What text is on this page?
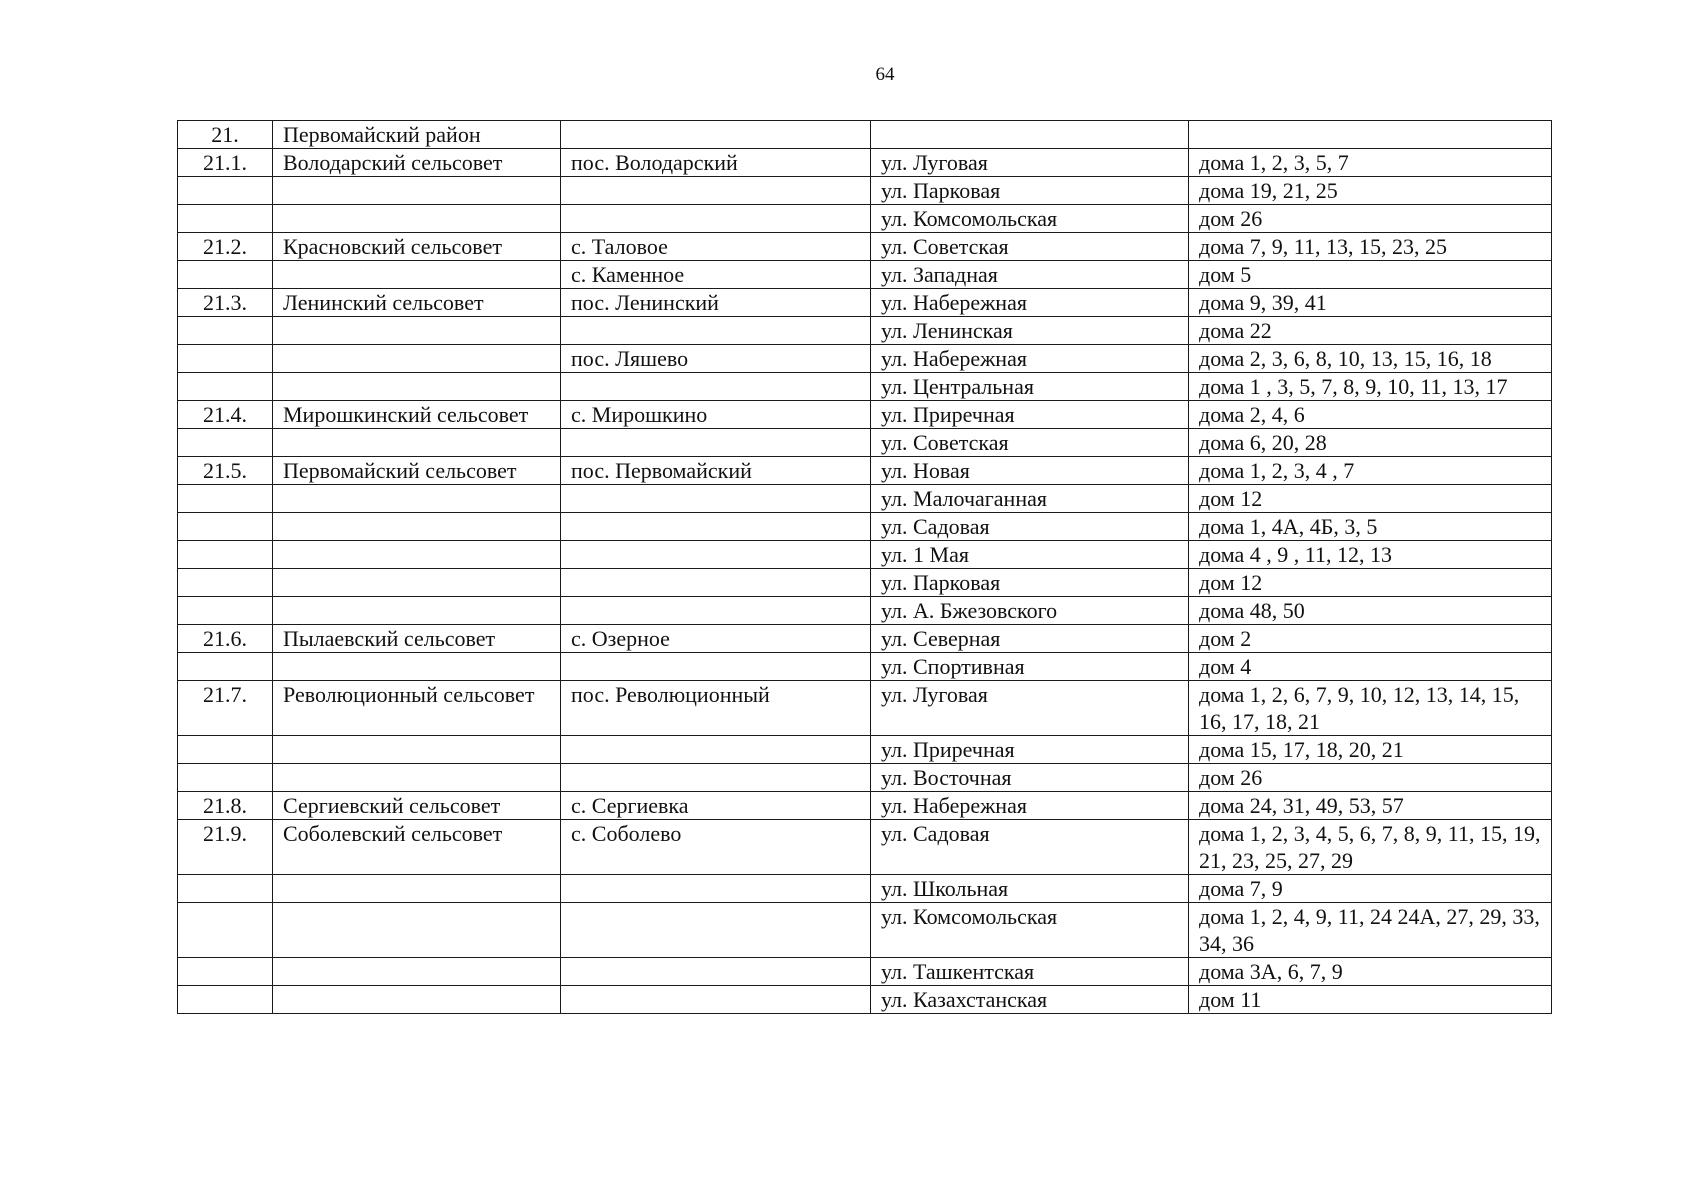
64
21.	Первомайский район			
21.1.	Володарский сельсовет	пос. Володарский	ул. Луговая	дома 1, 2, 3, 5, 7
			ул. Парковая	дома 19, 21, 25
			ул. Комсомольская	дом 26
21.2.	Красновский сельсовет	с. Таловое	ул. Советская	дома 7, 9, 11, 13, 15, 23, 25
		с. Каменное	ул. Западная	дом 5
21.3.	Ленинский сельсовет	пос. Ленинский	ул. Набережная	дома 9, 39, 41
			ул. Ленинская	дома 22
		пос. Ляшево	ул. Набережная	дома 2, 3, 6, 8, 10, 13, 15, 16, 18
			ул. Центральная	дома 1 , 3, 5, 7, 8, 9, 10, 11, 13, 17
21.4.	Мирошкинский сельсовет	с. Мирошкино	ул. Приречная	дома 2, 4, 6
			ул. Советская	дома 6, 20, 28
21.5.	Первомайский сельсовет	пос. Первомайский	ул. Новая	дома 1, 2, 3, 4 , 7
			ул. Малочаганная	дом 12
			ул. Садовая	дома 1, 4А, 4Б, 3, 5
			ул. 1 Мая	дома 4 , 9 , 11, 12, 13
			ул. Парковая	дом 12
			ул. А. Бжезовского	дома 48, 50
21.6.	Пылаевский сельсовет	с. Озерное	ул. Северная	дом 2
			ул. Спортивная	дом 4
21.7.	Революционный сельсовет	пос. Революционный	ул. Луговая	дома 1, 2, 6, 7, 9, 10, 12, 13, 14, 15, 16, 17, 18, 21
			ул. Приречная	дома 15, 17, 18, 20, 21
			ул. Восточная	дом 26
21.8.	Сергиевский сельсовет	с. Сергиевка	ул. Набережная	дома 24, 31, 49, 53, 57
21.9.	Соболевский сельсовет	с. Соболево	ул. Садовая	дома 1, 2, 3, 4, 5, 6, 7, 8, 9, 11, 15, 19, 21, 23, 25, 27, 29
			ул. Школьная	дома 7, 9
			ул. Комсомольская	дома 1, 2, 4, 9, 11, 24 24А, 27, 29, 33, 34, 36
			ул. Ташкентская	дома 3А, 6, 7, 9
			ул. Казахстанская	дом 11
